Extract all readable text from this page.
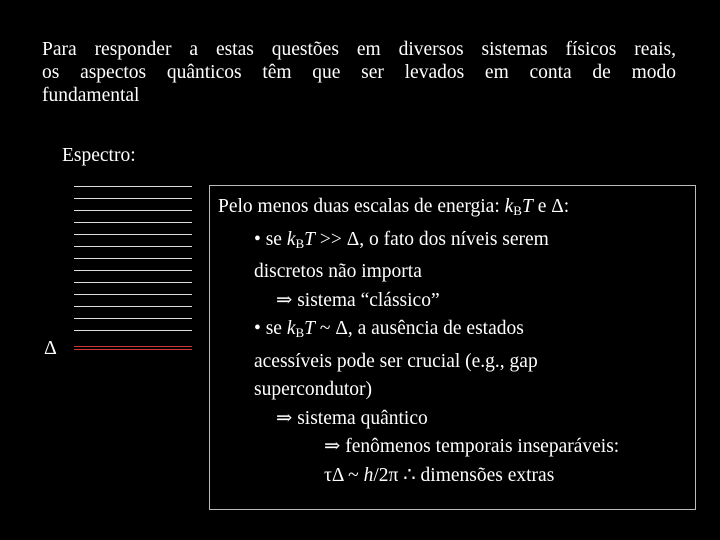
Para responder a estas questões em diversos sistemas físicos reais,
os aspectos quânticos têm que ser levados em conta de modo
fundamental
Espectro:
Δ
Pelo menos duas escalas de energia: $k_BT$ e Δ:
• se $k_BT >> \Delta$, o fato dos níveis serem
discretos não importa
⇒ sistema “clássico”
• se $k_BT$ ~ Δ, a ausência de estados
acessíveis pode ser crucial (e.g., gap
supercondutor)
⇒ sistema quântico
⇒ fenômenos temporais inseparáveis:
τΔ ~ h/2π ∴ dimensões extras
